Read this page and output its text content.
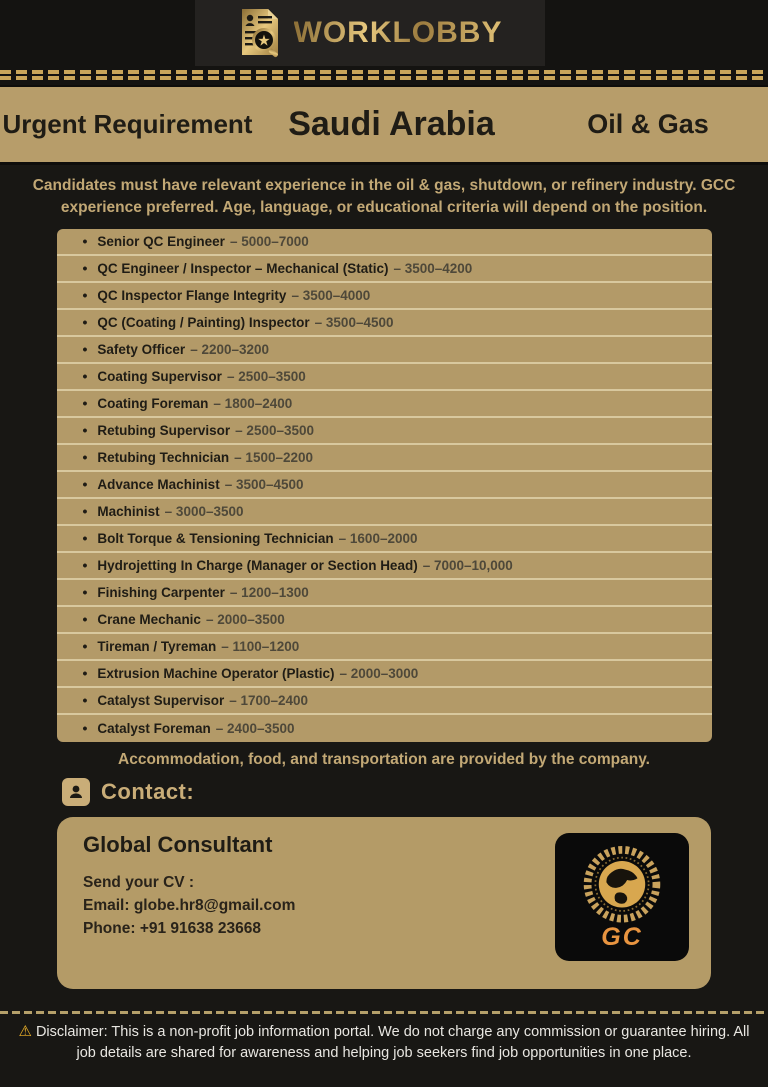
★ WORKLOBBY
Urgent Requirement	Saudi Arabia	Oil & Gas

Candidates must have relevant experience in the oil & gas, shutdown, or refinery industry. GCC experience preferred. Age, language, or educational criteria will depend on the position.

• Senior QC Engineer – 5000–7000
• QC Engineer / Inspector – Mechanical (Static) – 3500–4200
• QC Inspector Flange Integrity – 3500–4000
• QC (Coating / Painting) Inspector – 3500–4500
• Safety Officer – 2200–3200
• Coating Supervisor – 2500–3500
• Coating Foreman – 1800–2400
• Retubing Supervisor – 2500–3500
• Retubing Technician – 1500–2200
• Advance Machinist – 3500–4500
• Machinist – 3000–3500
• Bolt Torque & Tensioning Technician – 1600–2000
• Hydrojetting In Charge (Manager or Section Head) – 7000–10,000
• Finishing Carpenter – 1200–1300
• Crane Mechanic – 2000–3500
• Tireman / Tyreman – 1100–1200
• Extrusion Machine Operator (Plastic) – 2000–3000
• Catalyst Supervisor – 1700–2400
• Catalyst Foreman – 2400–3500

Accommodation, food, and transportation are provided by the company.

Contact:
Global Consultant
Send your CV :
Email: globe.hr8@gmail.com
Phone: +91 91638 23668	GC

⚠ Disclaimer: This is a non-profit job information portal. We do not charge any commission or guarantee hiring. All job details are shared for awareness and helping job seekers find job opportunities in one place.
